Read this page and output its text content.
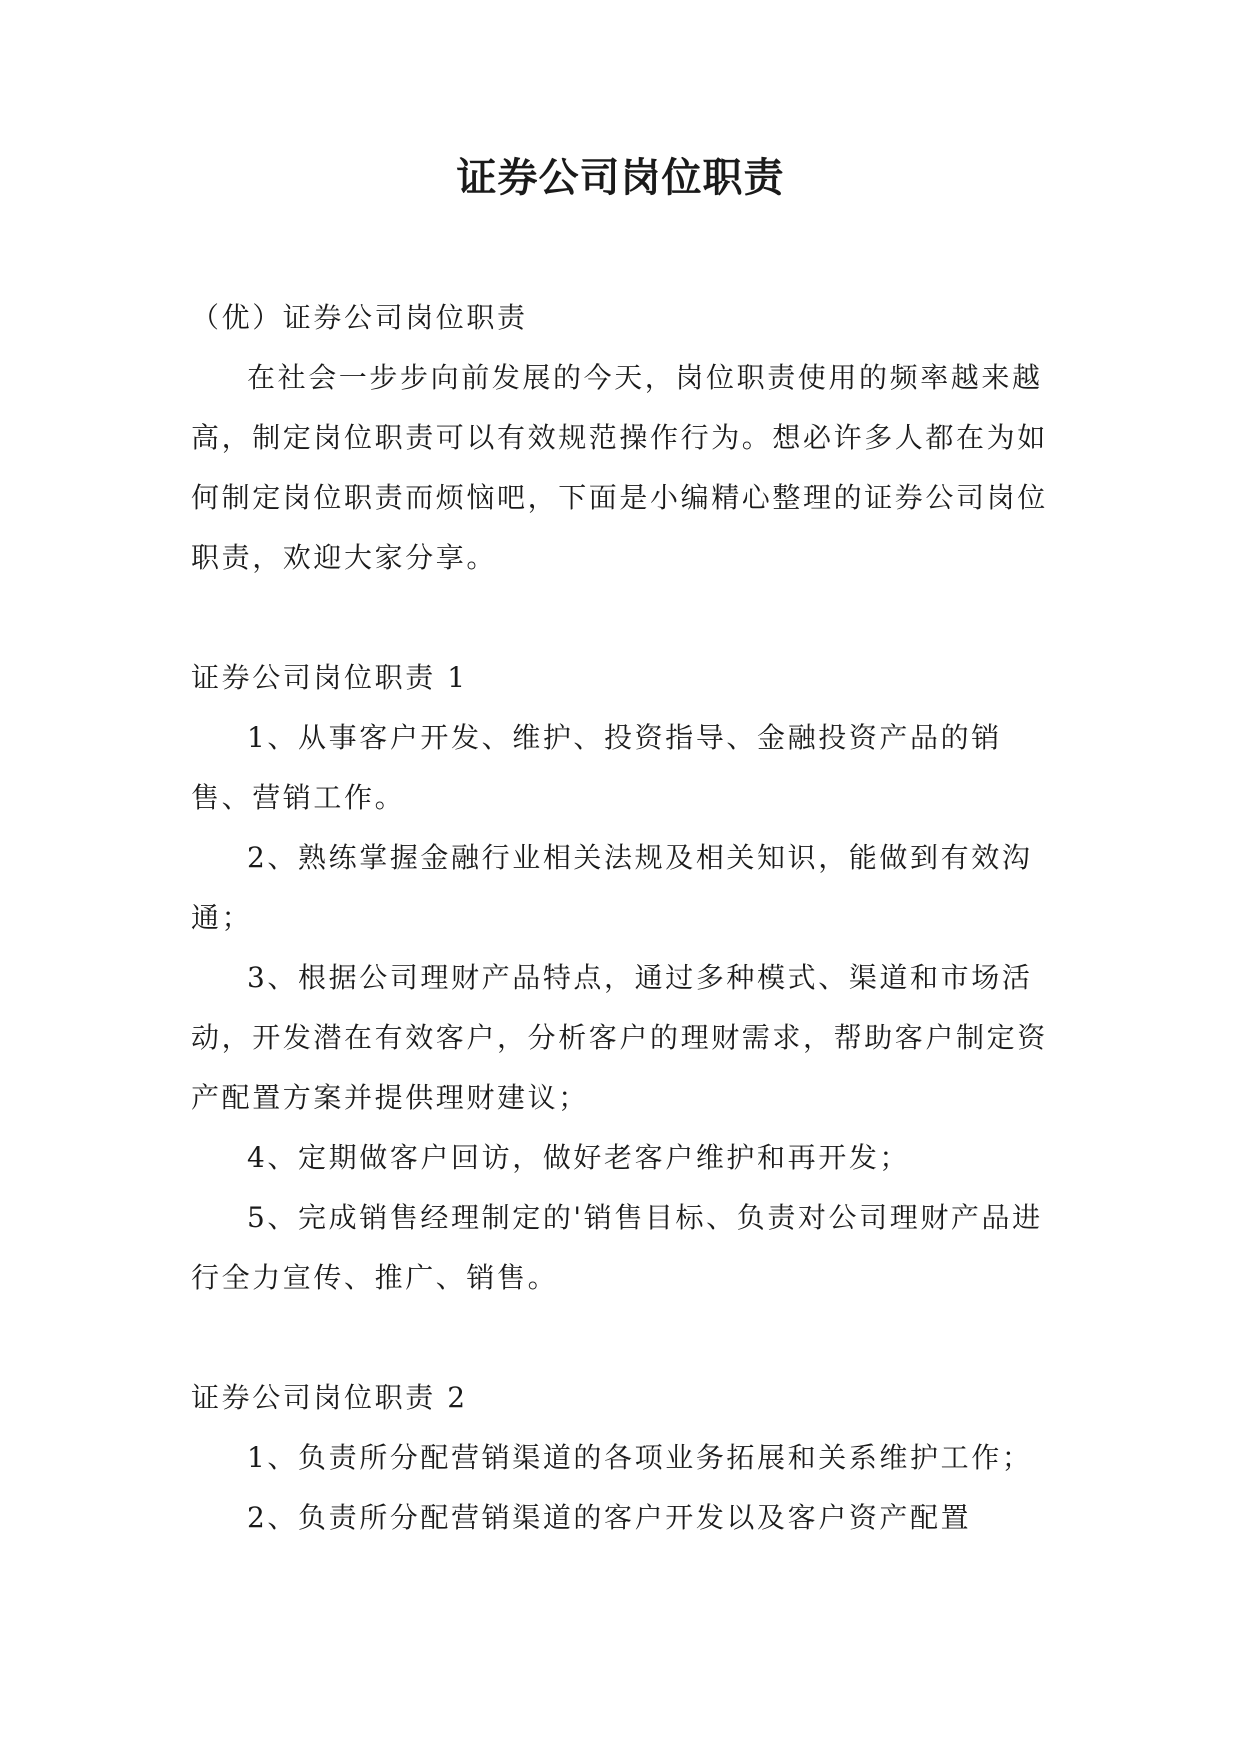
证券公司岗位职责

（优）证券公司岗位职责

在社会一步步向前发展的今天，岗位职责使用的频率越来越高，制定岗位职责可以有效规范操作行为。想必许多人都在为如何制定岗位职责而烦恼吧，下面是小编精心整理的证券公司岗位职责，欢迎大家分享。

证券公司岗位职责 1

1、从事客户开发、维护、投资指导、金融投资产品的销售、营销工作。

2、熟练掌握金融行业相关法规及相关知识，能做到有效沟通；

3、根据公司理财产品特点，通过多种模式、渠道和市场活动，开发潜在有效客户，分析客户的理财需求，帮助客户制定资产配置方案并提供理财建议；

4、定期做客户回访，做好老客户维护和再开发；

5、完成销售经理制定的'销售目标、负责对公司理财产品进行全力宣传、推广、销售。

证券公司岗位职责 2

1、负责所分配营销渠道的各项业务拓展和关系维护工作；

2、负责所分配营销渠道的客户开发以及客户资产配置
